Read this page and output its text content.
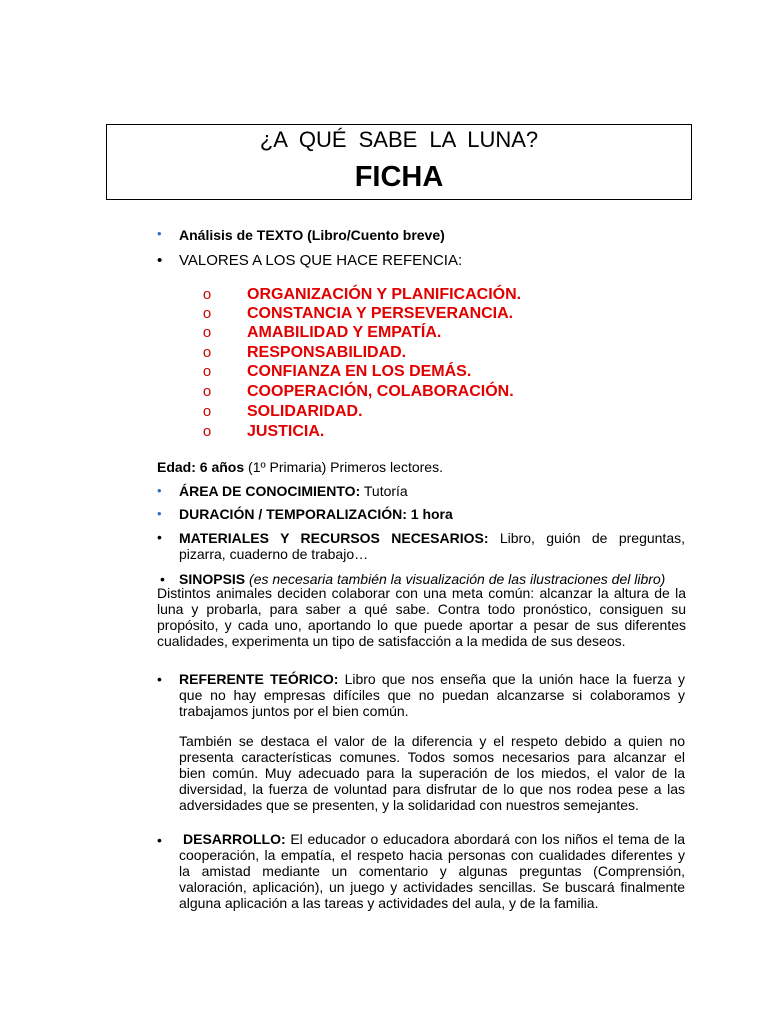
¿A QUÉ SABE LA LUNA?
FICHA
• Análisis de TEXTO (Libro/Cuento breve)
• VALORES A LOS QUE HACE REFENCIA:
o ORGANIZACIÓN Y PLANIFICACIÓN.
o CONSTANCIA Y PERSEVERANCIA.
o AMABILIDAD Y EMPATÍA.
o RESPONSABILIDAD.
o CONFIANZA EN LOS DEMÁS.
o COOPERACIÓN, COLABORACIÓN.
o SOLIDARIDAD.
o JUSTICIA.
Edad: 6 años (1º Primaria) Primeros lectores.
• ÁREA DE CONOCIMIENTO: Tutoría
• DURACIÓN / TEMPORALIZACIÓN: 1 hora
• MATERIALES Y RECURSOS NECESARIOS: Libro, guión de preguntas,
pizarra, cuaderno de trabajo…
• SINOPSIS (es necesaria también la visualización de las ilustraciones del libro)
Distintos animales deciden colaborar con una meta común: alcanzar la altura de la
luna y probarla, para saber a qué sabe. Contra todo pronóstico, consiguen su
propósito, y cada uno, aportando lo que puede aportar a pesar de sus diferentes
cualidades, experimenta un tipo de satisfacción a la medida de sus deseos.
• REFERENTE TEÓRICO: Libro que nos enseña que la unión hace la fuerza y
que no hay empresas difíciles que no puedan alcanzarse si colaboramos y
trabajamos juntos por el bien común.
También se destaca el valor de la diferencia y el respeto debido a quien no
presenta características comunes. Todos somos necesarios para alcanzar el
bien común. Muy adecuado para la superación de los miedos, el valor de la
diversidad, la fuerza de voluntad para disfrutar de lo que nos rodea pese a las
adversidades que se presenten, y la solidaridad con nuestros semejantes.
• DESARROLLO: El educador o educadora abordará con los niños el tema de la
cooperación, la empatía, el respeto hacia personas con cualidades diferentes y
la amistad mediante un comentario y algunas preguntas (Comprensión,
valoración, aplicación), un juego y actividades sencillas. Se buscará finalmente
alguna aplicación a las tareas y actividades del aula, y de la familia.
